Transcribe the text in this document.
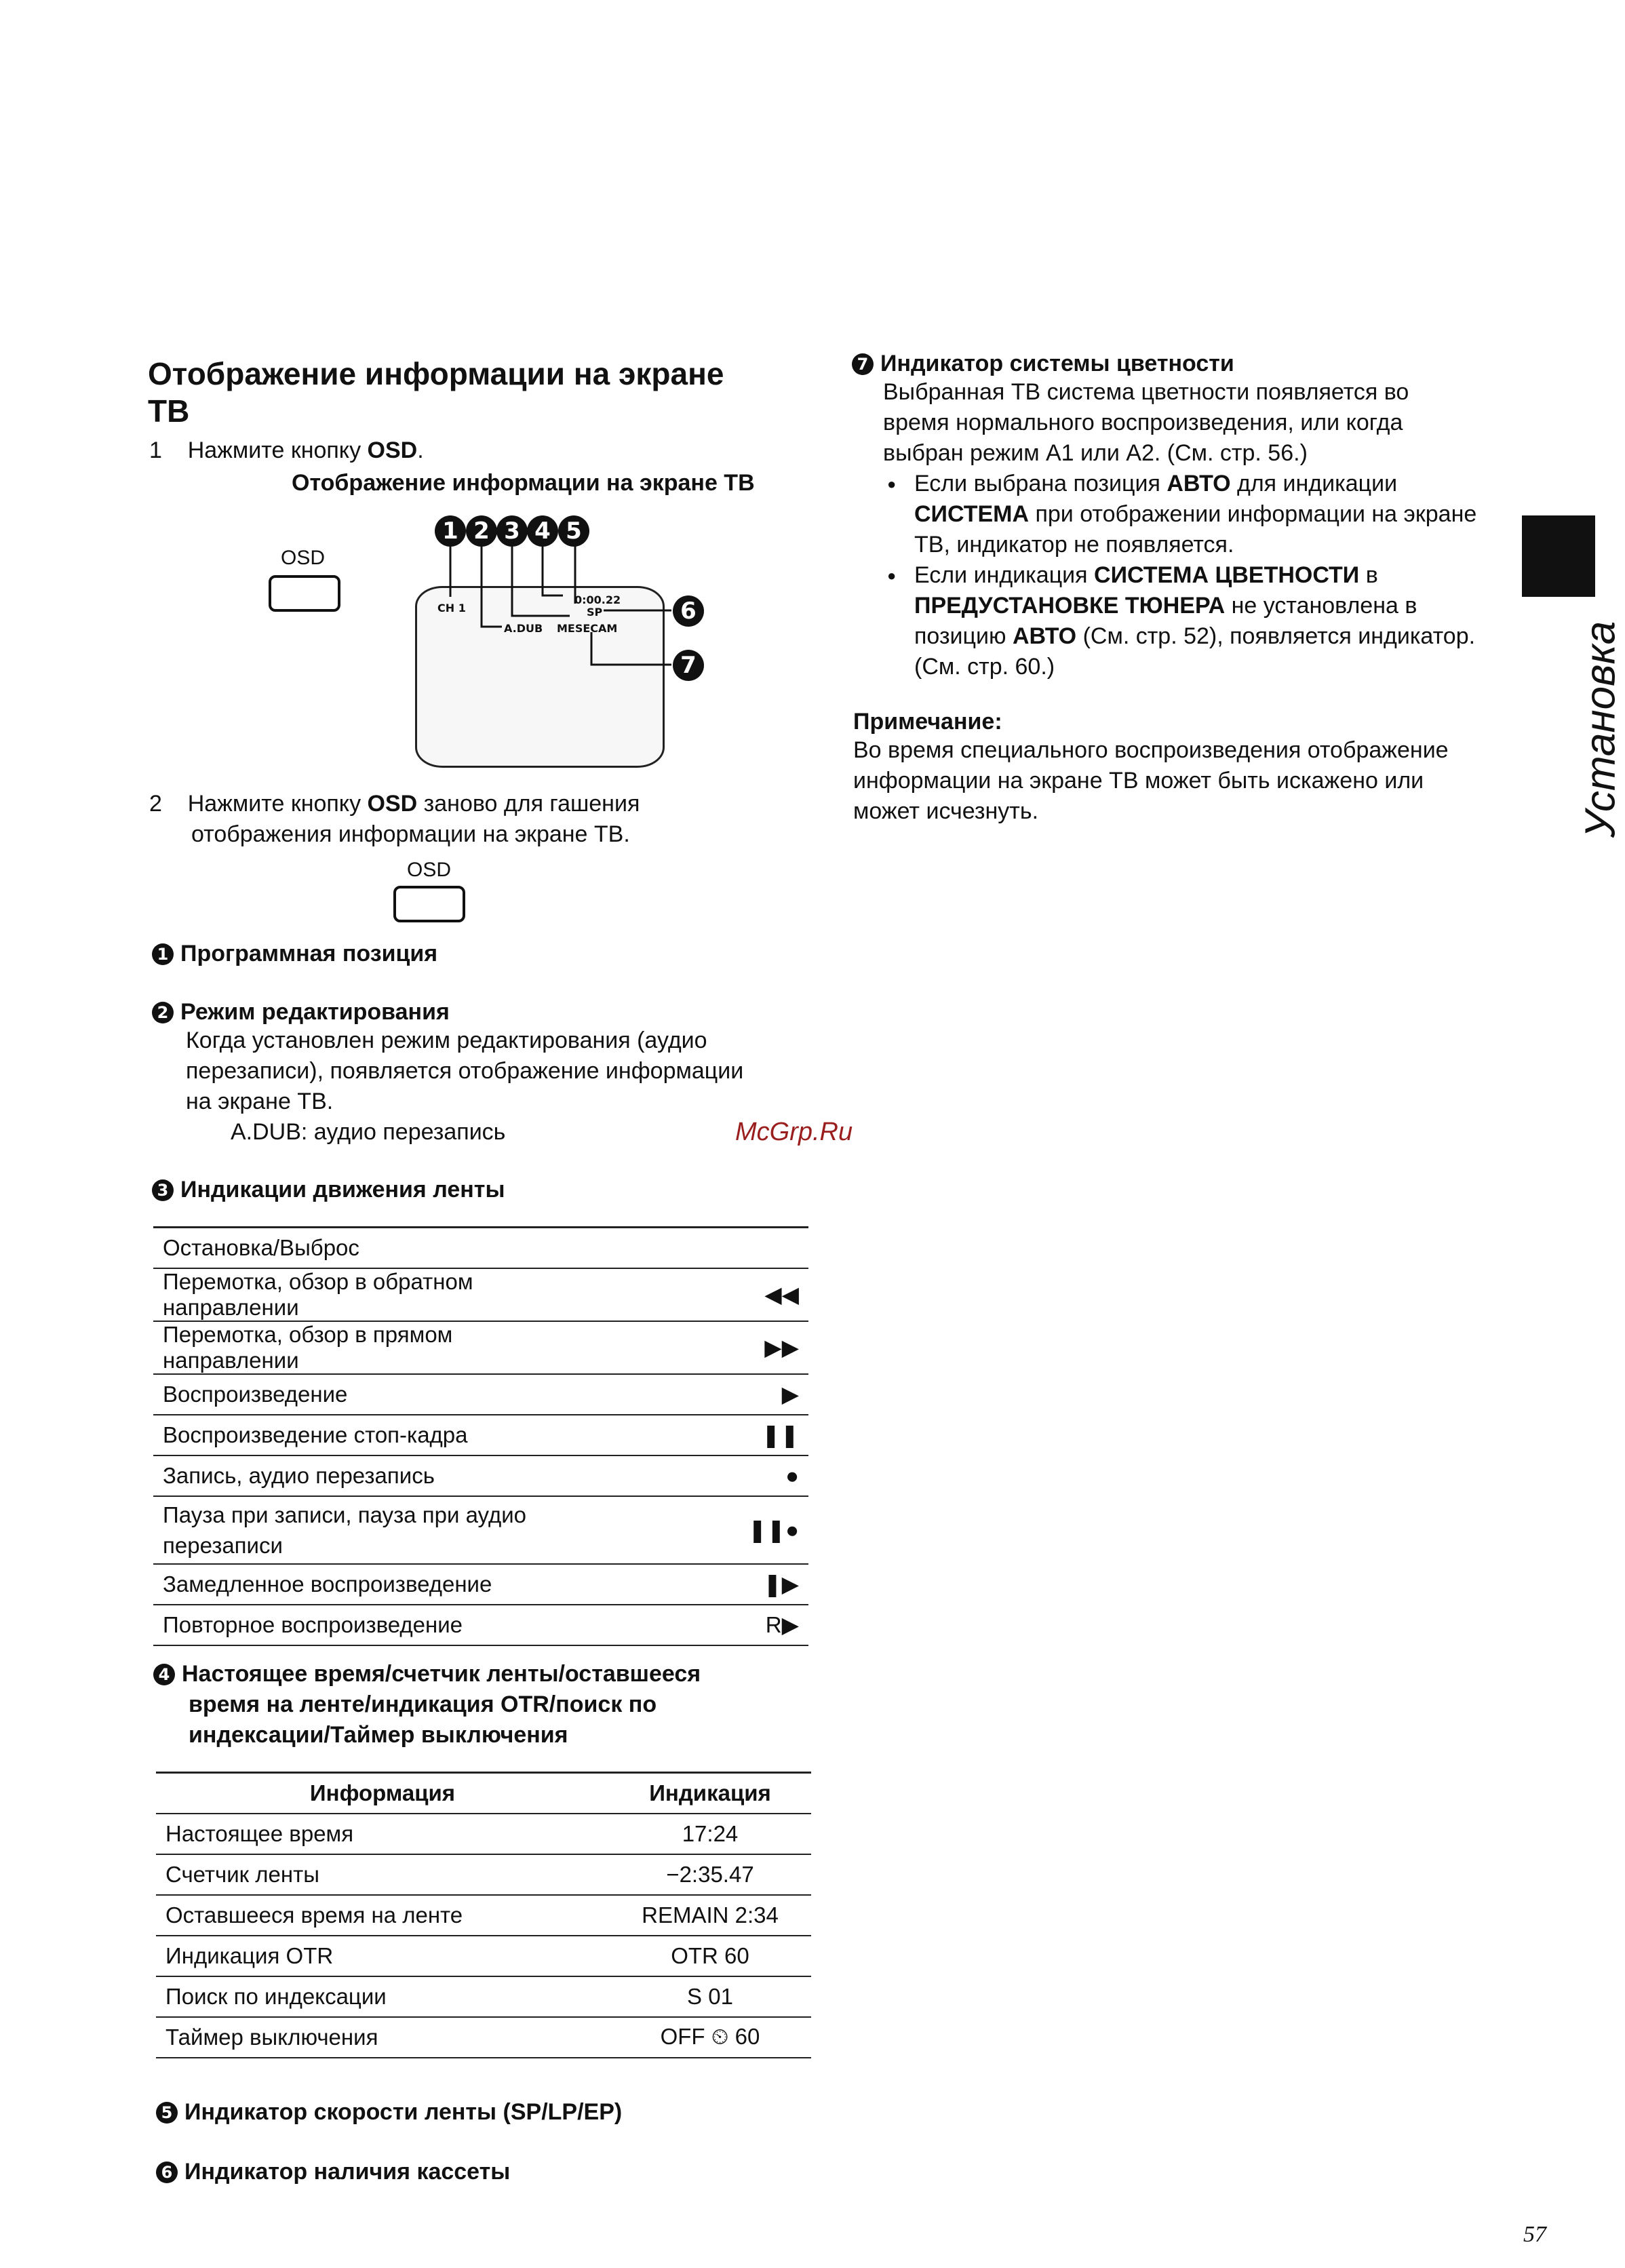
Отображение информации на экране
ТВ
1 Нажмите кнопку OSD.
Отображение информации на экране ТВ
OSD
CH 1
0:00.22
SP
A.DUB MESECAM
1 2 3 4 5
6
7
2 Нажмите кнопку OSD заново для гашения
отображения информации на экране ТВ.
OSD
1 Программная позиция
2 Режим редактирования
Когда установлен режим редактирования (аудио
перезаписи), появляется отображение информации
на экране ТВ.
A.DUB: аудио перезапись
3 Индикации движения ленты
Остановка/Выброс	
Перемотка, обзор в обратном направлении	◀◀
Перемотка, обзор в прямом направлении	▶▶
Воспроизведение	▶
Воспроизведение стоп-кадра	❚❚
Запись, аудио перезапись	●
Пауза при записи, пауза при аудио перезаписи	❚❚●
Замедленное воспроизведение	❚▶
Повторное воспроизведение	R▶
4 Настоящее время/счетчик ленты/оставшееся
время на ленте/индикация OTR/поиск по
индексации/Таймер выключения
Информация	Индикация
Настоящее время	17:24
Счетчик ленты	−2:35.47
Оставшееся время на ленте	REMAIN 2:34
Индикация OTR	OTR 60
Поиск по индексации	S 01
Таймер выключения	OFF ⏲ 60
5 Индикатор скорости ленты (SP/LP/EP)
6 Индикатор наличия кассеты
7 Индикатор системы цветности
Выбранная ТВ система цветности появляется во
время нормального воспроизведения, или когда
выбран режим A1 или A2. (См. стр. 56.)
● Если выбрана позиция АВТО для индикации СИСТЕМА при отображении информации на экране ТВ, индикатор не появляется.
● Если индикация СИСТЕМА ЦВЕТНОСТИ в ПРЕДУСТАНОВКЕ ТЮНЕРА не установлена в позицию АВТО (См. стр. 52), появляется индикатор. (См. стр. 60.)
Примечание:
Во время специального воспроизведения отображение
информации на экране ТВ может быть искажено или
может исчезнуть.	Установка
McGrp.Ru
57
